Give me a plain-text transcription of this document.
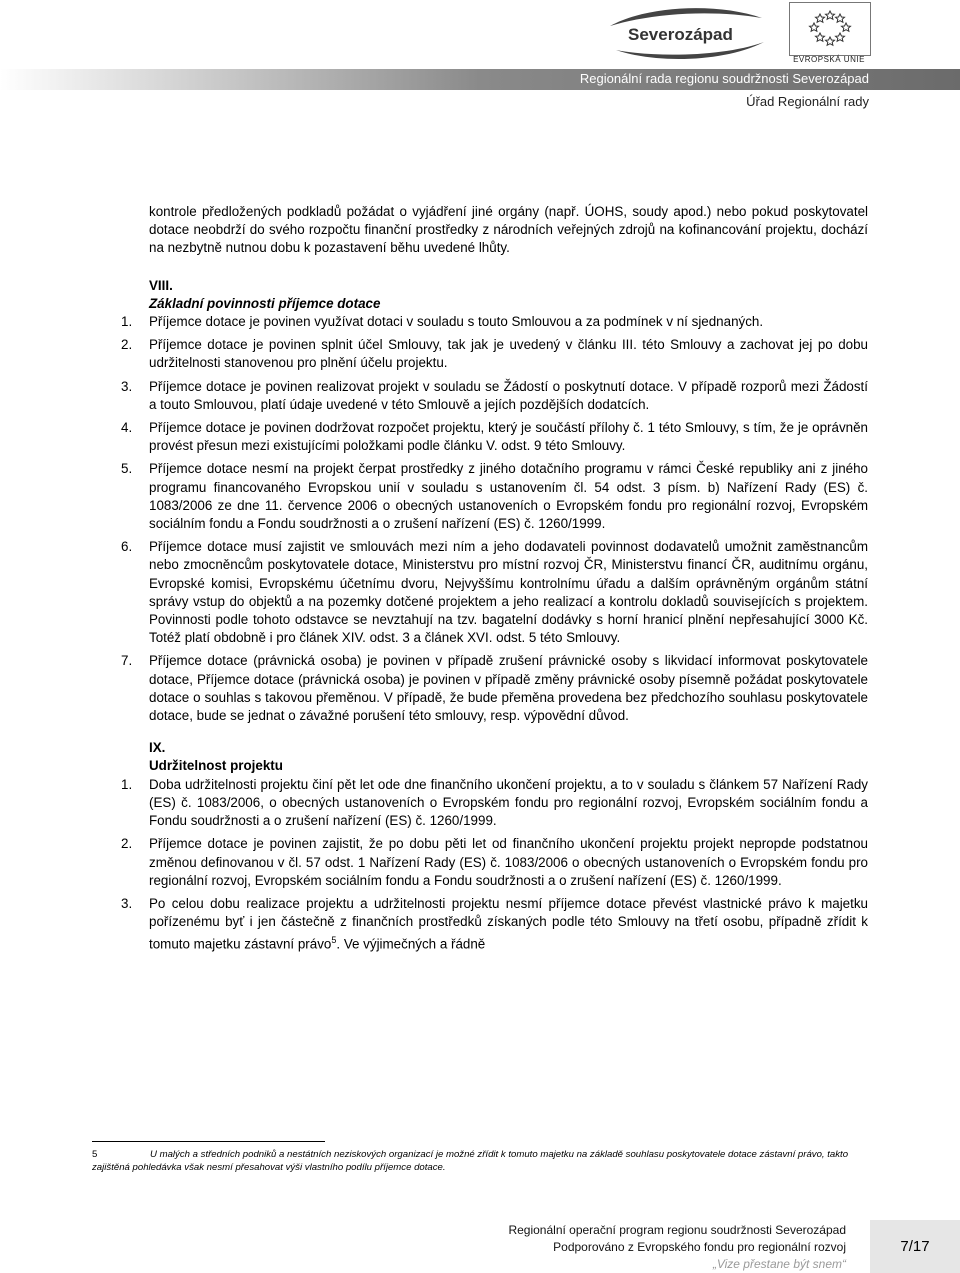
Severozápad
EVROPSKÁ UNIE
Regionální rada regionu soudržnosti Severozápad
Úřad Regionální rady

kontrole předložených podkladů požádat o vyjádření jiné orgány (např. ÚOHS, soudy apod.) nebo pokud poskytovatel dotace neobdrží do svého rozpočtu finanční prostředky z národních veřejných zdrojů na kofinancování projektu, dochází na nezbytně nutnou dobu k pozastavení běhu uvedené lhůty.

VIII.

Základní povinnosti příjemce dotace

1. Příjemce dotace je povinen využívat dotaci v souladu s touto Smlouvou a za podmínek v ní sjednaných.
2. Příjemce dotace je povinen splnit účel Smlouvy, tak jak je uvedený v článku III. této Smlouvy a zachovat jej po dobu udržitelnosti stanovenou pro plnění účelu projektu.
3. Příjemce dotace je povinen realizovat projekt v souladu se Žádostí o poskytnutí dotace. V případě rozporů mezi Žádostí a touto Smlouvou, platí údaje uvedené v této Smlouvě a jejích pozdějších dodatcích.
4. Příjemce dotace je povinen dodržovat rozpočet projektu, který je součástí přílohy č. 1 této Smlouvy, s tím, že je oprávněn provést přesun mezi existujícími položkami podle článku V. odst. 9 této Smlouvy.
5. Příjemce dotace nesmí na projekt čerpat prostředky z jiného dotačního programu v rámci České republiky ani z jiného programu financovaného Evropskou unií v souladu s ustanovením čl. 54 odst. 3 písm. b) Nařízení Rady (ES) č. 1083/2006 ze dne 11. července 2006 o obecných ustanoveních o Evropském fondu pro regionální rozvoj, Evropském sociálním fondu a Fondu soudržnosti a o zrušení nařízení (ES) č. 1260/1999.
6. Příjemce dotace musí zajistit ve smlouvách mezi ním a jeho dodavateli povinnost dodavatelů umožnit zaměstnancům nebo zmocněncům poskytovatele dotace, Ministerstvu pro místní rozvoj ČR, Ministerstvu financí ČR, auditnímu orgánu, Evropské komisi, Evropskému účetnímu dvoru, Nejvyššímu kontrolnímu úřadu a dalším oprávněným orgánům státní správy vstup do objektů a na pozemky dotčené projektem a jeho realizací a kontrolu dokladů souvisejících s projektem. Povinnosti podle tohoto odstavce se nevztahují na tzv. bagatelní dodávky s horní hranicí plnění nepřesahující 3000 Kč. Totéž platí obdobně i pro článek XIV. odst. 3 a článek XVI. odst. 5 této Smlouvy.
7. Příjemce dotace (právnická osoba) je povinen v případě zrušení právnické osoby s likvidací informovat poskytovatele dotace, Příjemce dotace (právnická osoba) je povinen v případě změny právnické osoby písemně požádat poskytovatele dotace o souhlas s takovou přeměnou. V případě, že bude přeměna provedena bez předchozího souhlasu poskytovatele dotace, bude se jednat o závažné porušení této smlouvy, resp. výpovědní důvod.

IX.

Udržitelnost projektu

1. Doba udržitelnosti projektu činí pět let ode dne finančního ukončení projektu, a to v souladu s článkem 57 Nařízení Rady (ES) č. 1083/2006, o obecných ustanoveních o Evropském fondu pro regionální rozvoj, Evropském sociálním fondu a Fondu soudržnosti a o zrušení nařízení (ES) č. 1260/1999.
2. Příjemce dotace je povinen zajistit, že po dobu pěti let od finančního ukončení projektu projekt nepropde podstatnou změnou definovanou v čl. 57 odst. 1 Nařízení Rady (ES) č. 1083/2006 o obecných ustanoveních o Evropském fondu pro regionální rozvoj, Evropském sociálním fondu a Fondu soudržnosti a o zrušení nařízení (ES) č. 1260/1999.
3. Po celou dobu realizace projektu a udržitelnosti projektu nesmí příjemce dotace převést vlastnické právo k majetku pořízenému byť i jen částečně z finančních prostředků získaných podle této Smlouvy na třetí osobu, případně zřídit k tomuto majetku zástavní právo$^5$. Ve výjimečných a řádně
5	U malých a středních podniků a nestátních neziskových organizací je možné zřídit k tomuto majetku na základě souhlasu poskytovatele dotace zástavní právo, takto zajištěná pohledávka však nesmí přesahovat výši vlastního podílu příjemce dotace.
Regionální operační program regionu soudržnosti Severozápad
Podporováno z Evropského fondu pro regionální rozvoj
„Vize přestane být snem“
7/17
